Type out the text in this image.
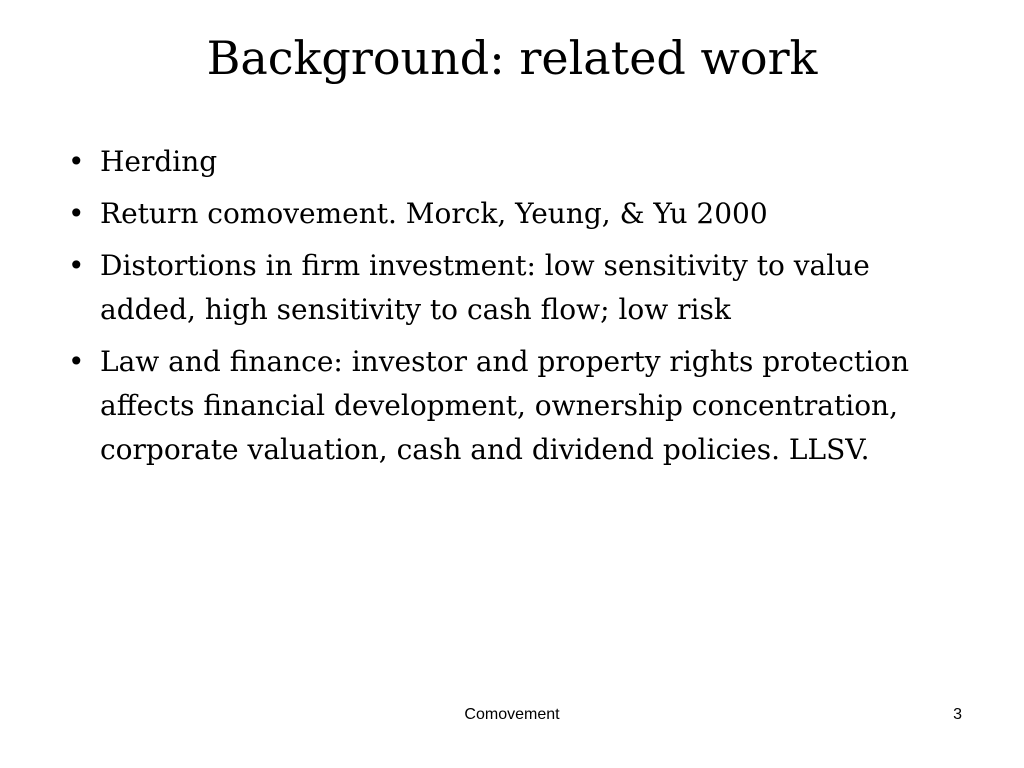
Background: related work
• Herding
• Return comovement. Morck, Yeung, & Yu 2000
• Distortions in firm investment: low sensitivity to value added, high sensitivity to cash flow; low risk
• Law and finance: investor and property rights protection affects financial development, ownership concentration, corporate valuation, cash and dividend policies. LLSV.
Comovement	3
